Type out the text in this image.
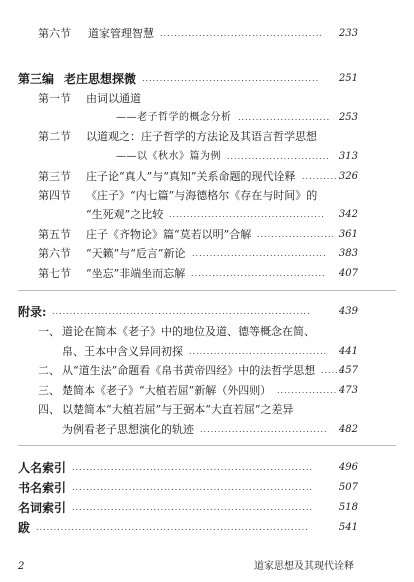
第六节 道家管理智慧	233
..............................................
第三编 老庄思想探微	251
..................................................
第一节 由词以通道
——老子哲学的概念分析	253
..........................
第二节 以道观之：庄子哲学的方法论及其语言哲学思想
——以《秋水》篇为例	313
.............................
第三节 庄子论“真人”与“真知”关系命题的现代诠释	326
..........
第四节 《庄子》“内七篇”与海德格尔《存在与时间》的
“生死观”之比较	342
............................................
第五节 庄子《齐物论》篇“莫若以明”合解	361
......................
第六节 “天籁”与“卮言”新论	383
......................................
第七节 “坐忘”非端坐而忘解	407
......................................
附录:	439
.........................................................................
一、 道论在简本《老子》中的地位及道、德等概念在简、
帛、王本中含义异同初探	441
.......................................
二、 从“道生法”命题看《帛书黄帝四经》中的法哲学思想 457
......
三、 楚简本《老子》“大植若屈”新解（外四则）	473
.................
四、 以楚简本“大植若屈”与王弼本“大直若屈”之差异
为例看老子思想演化的轨迹	482
....................................
人名索引	496
....................................................................
书名索引	507
....................................................................
名词索引	518
....................................................................
跋	541
.............................................................................
2	道家思想及其现代诠释
